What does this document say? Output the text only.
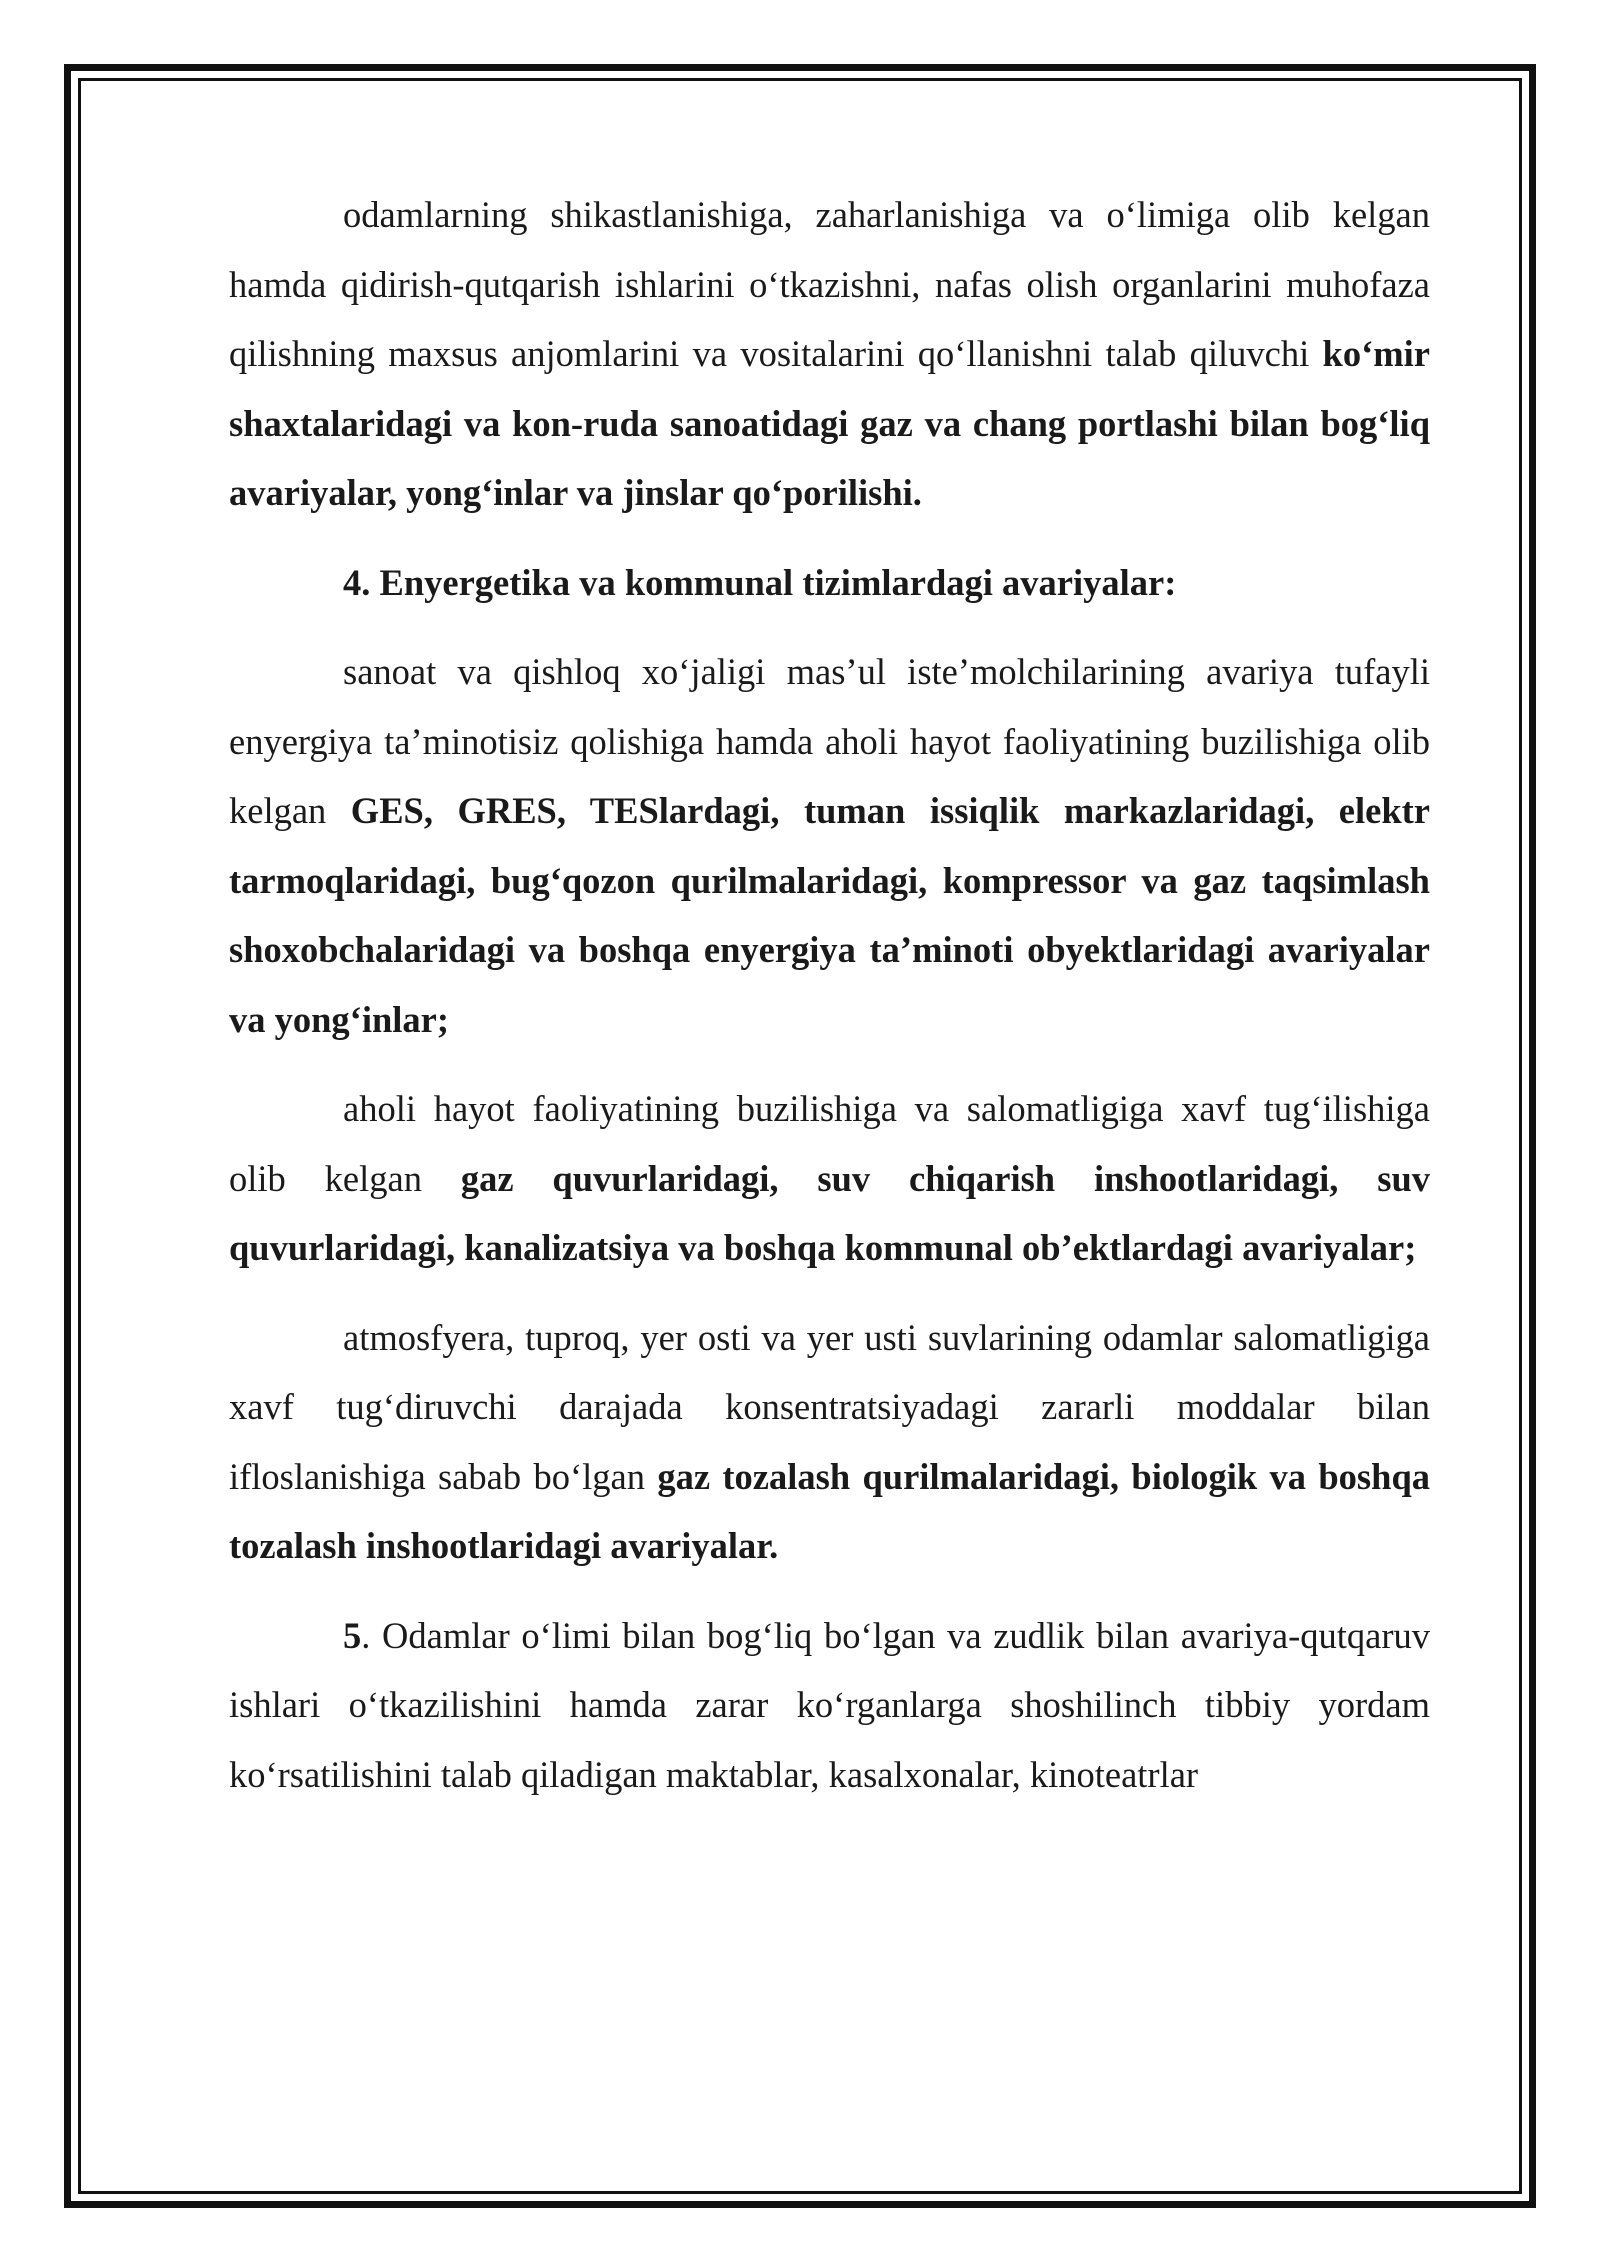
odamlarning shikastlanishiga, zaharlanishiga va o‘limiga olib kelgan hamda qidirish-qutqarish ishlarini o‘tkazishni, nafas olish organlarini muhofaza qilishning maxsus anjomlarini va vositalarini qo‘llanishni talab qiluvchi ko‘mir shaxtalaridagi va kon-ruda sanoatidagi gaz va chang portlashi bilan bog‘liq avariyalar, yong‘inlar va jinslar qo‘porilishi.

4. Enyergetika va kommunal tizimlardagi avariyalar:

sanoat va qishloq xo‘jaligi mas’ul iste’molchilarining avariya tufayli enyergiya ta’minotisiz qolishiga hamda aholi hayot faoliyatining buzilishiga olib kelgan GES, GRES, TESlardagi, tuman issiqlik markazlaridagi, elektr tarmoqlaridagi, bug‘qozon qurilmalaridagi, kompressor va gaz taqsimlash shoxobchalaridagi va boshqa enyergiya ta’minoti obyektlaridagi avariyalar va yong‘inlar;

aholi hayot faoliyatining buzilishiga va salomatligiga xavf tug‘ilishiga olib kelgan gaz quvurlaridagi, suv chiqarish inshootlaridagi, suv quvurlaridagi, kanalizatsiya va boshqa kommunal ob’ektlardagi avariyalar;

atmosfyera, tuproq, yer osti va yer usti suvlarining odamlar salomatligiga xavf tug‘diruvchi darajada konsentratsiyadagi zararli moddalar bilan ifloslanishiga sabab bo‘lgan gaz tozalash qurilmalaridagi, biologik va boshqa tozalash inshootlaridagi avariyalar.

5. Odamlar o‘limi bilan bog‘liq bo‘lgan va zudlik bilan avariya-qutqaruv ishlari o‘tkazilishini hamda zarar ko‘rganlarga shoshilinch tibbiy yordam ko‘rsatilishini talab qiladigan maktablar, kasalxonalar, kinoteatrlar
